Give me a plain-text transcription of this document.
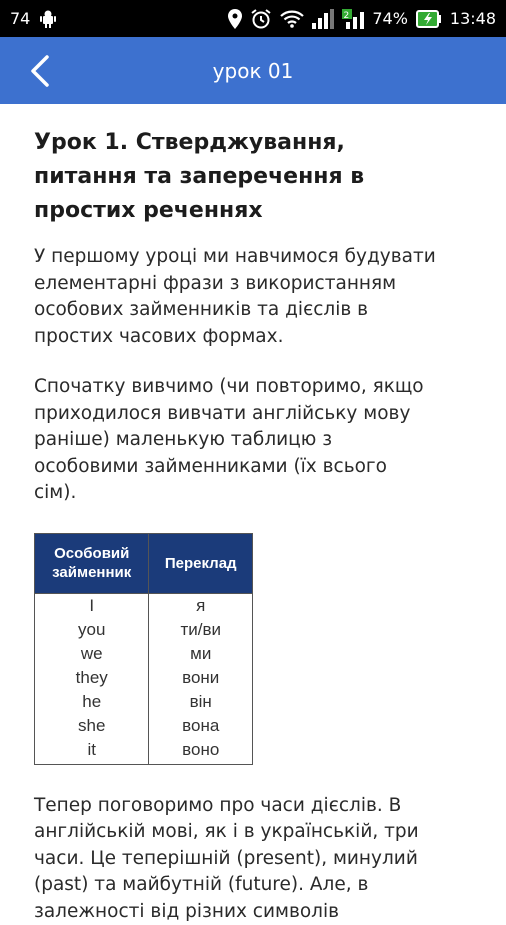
74	2 74%	13:48
урок 01
Урок 1. Стверджування,
питання та заперечення в
простих реченнях

У першому уроці ми навчимося будувати
елементарні фрази з використанням
особових займенників та дієслів в
простих часових формах.

Спочатку вивчимо (чи повторимо, якщо
приходилося вивчати англійську мову
раніше) маленькую таблицю з
особовими займенниками (їх всього
сім).

Особовий займенник	Переклад
I	я
you	ти/ви
we	ми
they	вони
he	він
she	вона
it	воно

Тепер поговоримо про часи дієслів. В
англійській мові, як і в українській, три
часи. Це теперішній (present), минулий
(past) та майбутній (future). Але, в
залежності від різних символів
